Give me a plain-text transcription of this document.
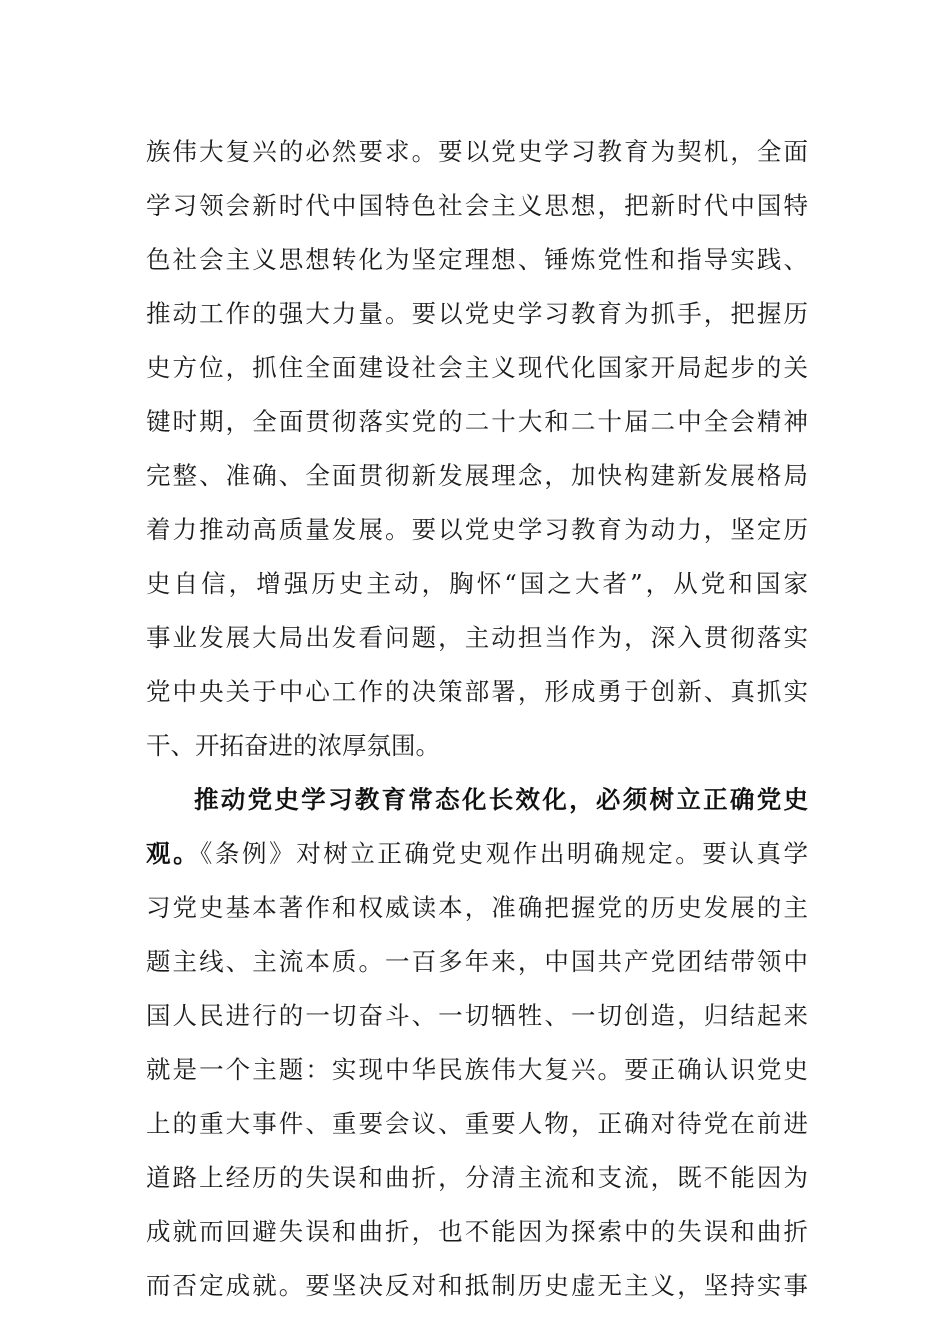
族伟大复兴的必然要求。要以党史学习教育为契机，全面
学习领会新时代中国特色社会主义思想，把新时代中国特
色社会主义思想转化为坚定理想、锤炼党性和指导实践、
推动工作的强大力量。要以党史学习教育为抓手，把握历
史方位，抓住全面建设社会主义现代化国家开局起步的关
键时期，全面贯彻落实党的二十大和二十届二中全会精神
完整、准确、全面贯彻新发展理念，加快构建新发展格局
着力推动高质量发展。要以党史学习教育为动力，坚定历
史自信，增强历史主动，胸怀“国之大者”，从党和国家
事业发展大局出发看问题，主动担当作为，深入贯彻落实
党中央关于中心工作的决策部署，形成勇于创新、真抓实
干、开拓奋进的浓厚氛围。
推动党史学习教育常态化长效化，必须树立正确党史
观。《条例》对树立正确党史观作出明确规定。要认真学
习党史基本著作和权威读本，准确把握党的历史发展的主
题主线、主流本质。一百多年来，中国共产党团结带领中
国人民进行的一切奋斗、一切牺牲、一切创造，归结起来
就是一个主题：实现中华民族伟大复兴。要正确认识党史
上的重大事件、重要会议、重要人物，正确对待党在前进
道路上经历的失误和曲折，分清主流和支流，既不能因为
成就而回避失误和曲折，也不能因为探索中的失误和曲折
而否定成就。要坚决反对和抵制历史虚无主义，坚持实事
